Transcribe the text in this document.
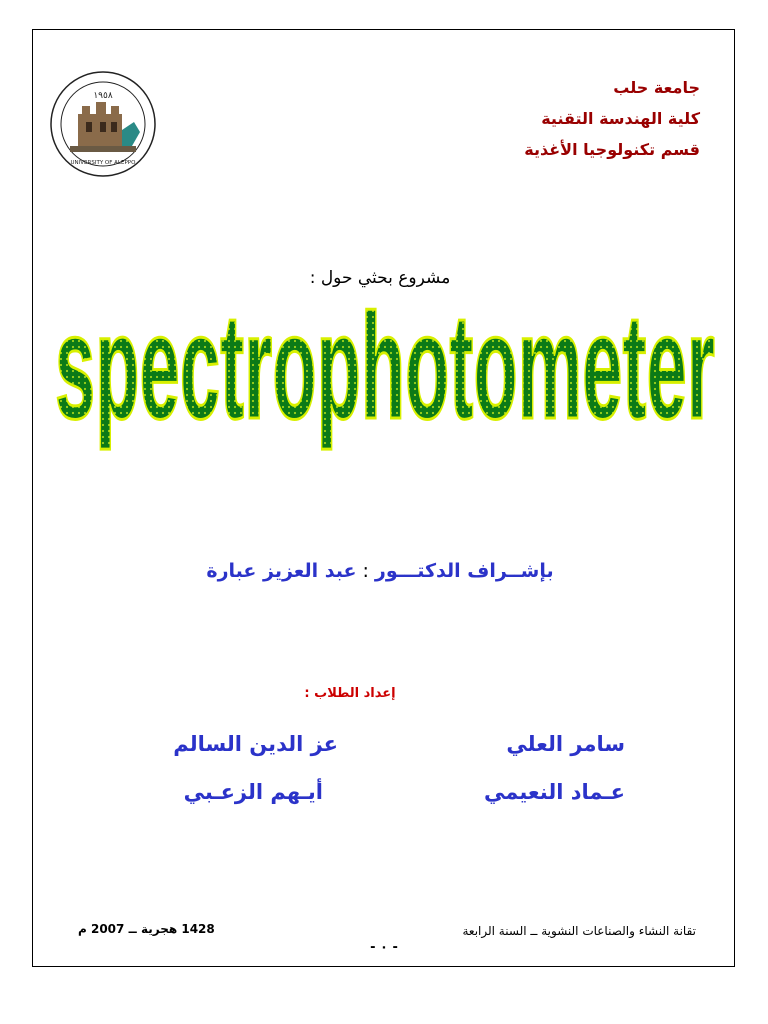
١٩٥٨
UNIVERSITY OF ALEPPO
جامعة حلب
كلية الهندسة التقنية
قسم تكنولوجيا الأغذية
مشروع بحثي حول :
spectrophotometer
بإشــراف الدكتـــور:عبد العزيز عبارة
إعداد الطلاب :
سامر العلي
عز الدين السالم
عـماد النعيمي
أيـهم الزعـبي
تقانة النشاء والصناعات النشوية ــ السنة الرابعة
1428 هجرية ــ 2007 م
- ٠ -
